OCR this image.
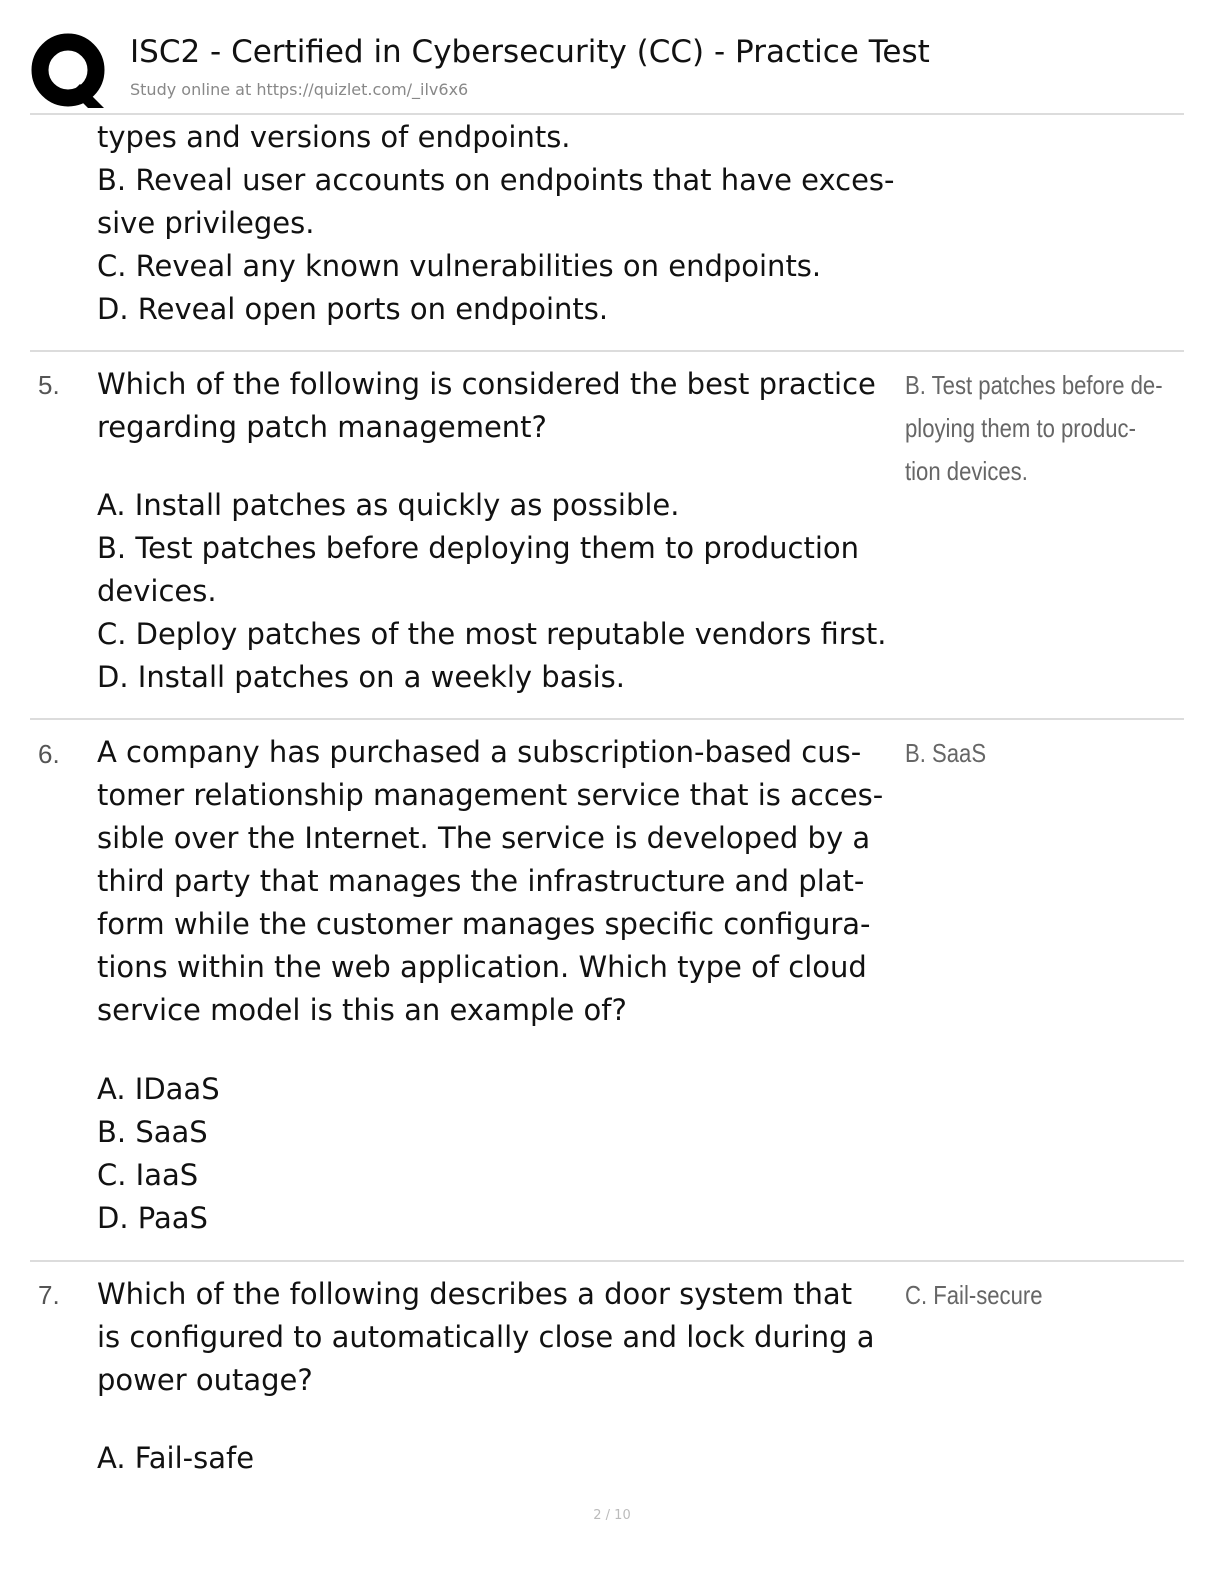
ISC2 - Certified in Cybersecurity (CC) - Practice Test
Study online at https://quizlet.com/_ilv6x6
types and versions of endpoints.
B. Reveal user accounts on endpoints that have exces-
sive privileges.
C. Reveal any known vulnerabilities on endpoints.
D. Reveal open ports on endpoints.
5. Which of the following is considered the best practice
regarding patch management?
A. Install patches as quickly as possible.
B. Test patches before deploying them to production
devices.
C. Deploy patches of the most reputable vendors first.
D. Install patches on a weekly basis.
B. Test patches before de-
ploying them to produc-
tion devices.
6. A company has purchased a subscription-based cus-
tomer relationship management service that is acces-
sible over the Internet. The service is developed by a
third party that manages the infrastructure and plat-
form while the customer manages specific configura-
tions within the web application. Which type of cloud
service model is this an example of?
A. IDaaS
B. SaaS
C. IaaS
D. PaaS
B. SaaS
7. Which of the following describes a door system that
is configured to automatically close and lock during a
power outage?
A. Fail-safe
C. Fail-secure
2 / 10
